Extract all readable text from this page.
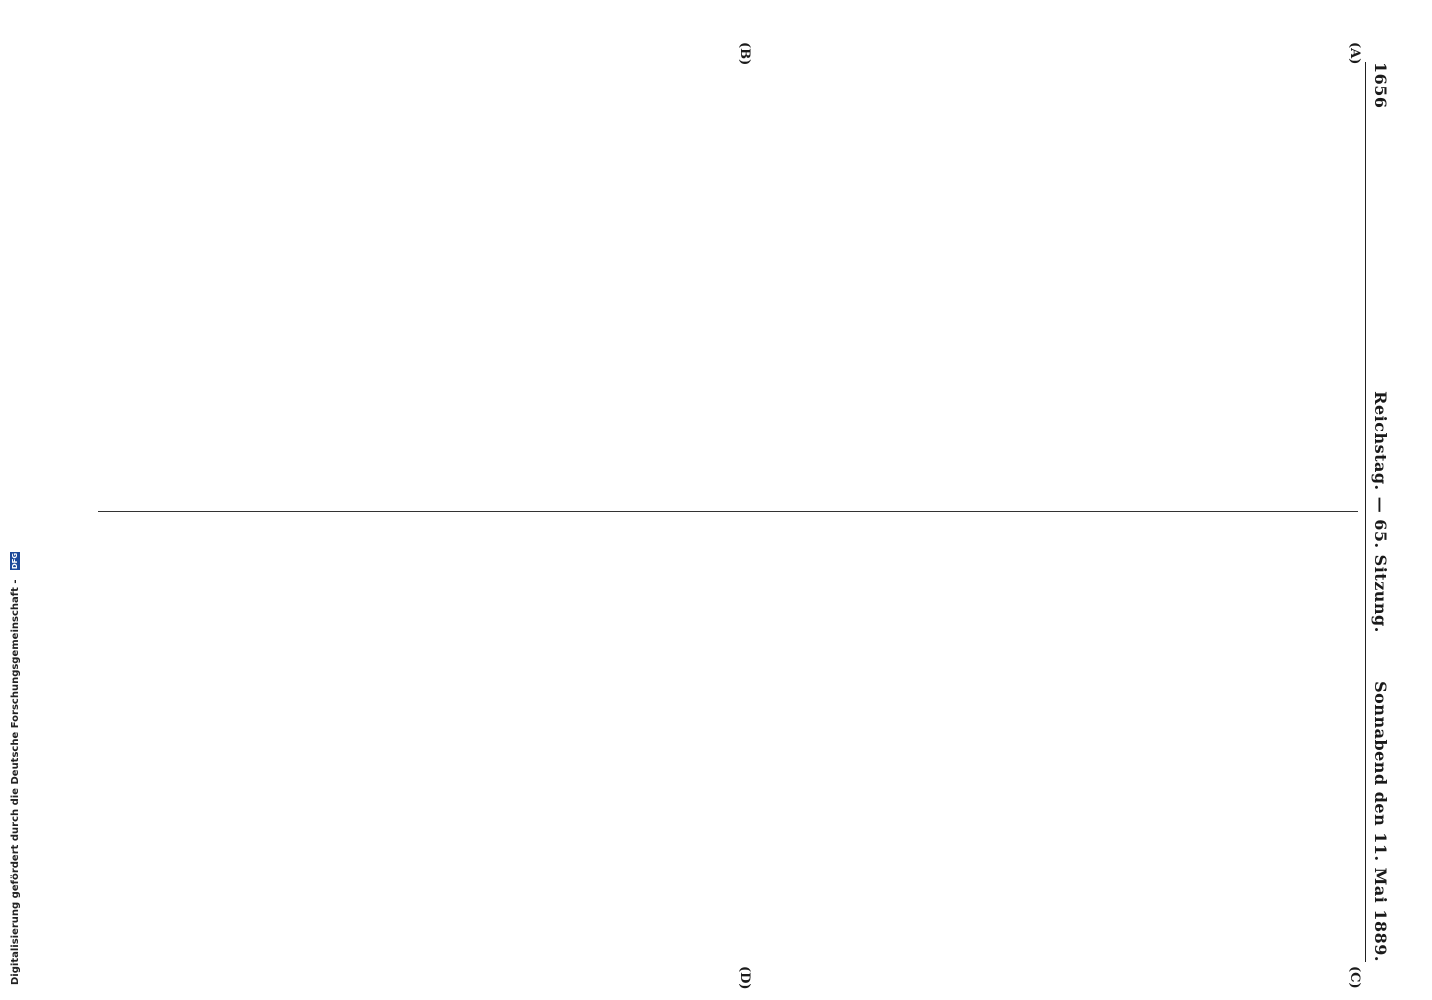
1656
Reichstag. — 65. Sitzung.
Sonnabend den 11. Mai 1889.
(A)
(B)
(C)
(D)

Digitalisierung gefördert durch die Deutsche Forschungsgemeinschaft - DFG
